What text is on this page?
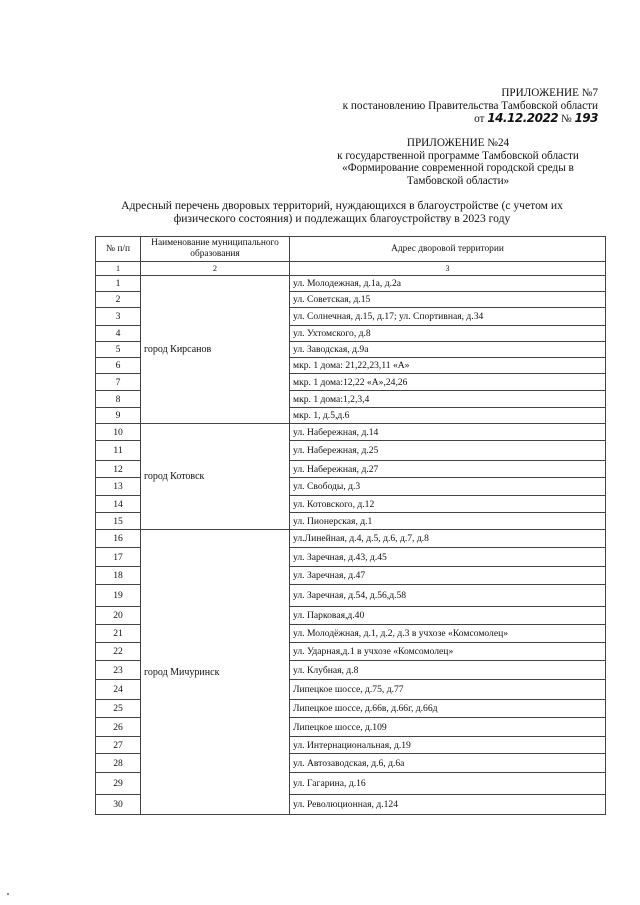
ПРИЛОЖЕНИЕ №7
к постановлению Правительства Тамбовской области
от 14.12.2022 № 193
ПРИЛОЖЕНИЕ №24
к государственной программе Тамбовской области
«Формирование современной городской среды в
Тамбовской области»
Адресный перечень дворовых территорий, нуждающихся в благоустройстве (с учетом их
физического состояния) и подлежащих благоустройству в 2023 году
№ п/п	Наименование муниципального образования	Адрес дворовой территории
1	2	3
1	город Кирсанов	ул. Молодежная, д.1а, д.2а
2		ул. Советская, д.15
3		ул. Солнечная, д.15, д.17; ул. Спортивная, д.34
4		ул. Ухтомского, д.8
5		ул. Заводская, д.9а
6		мкр. 1 дома: 21,22,23,11 «А»
7		мкр. 1 дома:12,22 «А»,24,26
8		мкр. 1 дома:1,2,3,4
9		мкр. 1, д.5,д.6
10	город Котовск	ул. Набережная, д.14
11		ул. Набережная, д.25
12		ул. Набережная, д.27
13		ул. Свободы, д.3
14		ул. Котовского, д.12
15		ул. Пионерская, д.1
16	город Мичуринск	ул.Линейная, д.4, д.5, д.6, д.7, д.8
17		ул. Заречная, д.43, д.45
18		ул. Заречная, д.47
19		ул. Заречная, д.54, д.56,д.58
20		ул. Парковая,д.40
21		ул. Молодёжная, д.1, д.2, д.3 в учхозе «Комсомолец»
22		ул. Ударная,д.1 в учхозе «Комсомолец»
23		ул. Клубная, д.8
24		Липецкое шоссе, д.75, д.77
25		Липецкое шоссе, д.66в, д.66г, д.66д
26		Липецкое шоссе, д.109
27		ул. Интернациональная, д.19
28		ул. Автозаводская, д.6, д.6а
29		ул. Гагарина, д.16
30		ул. Революционная, д.124
